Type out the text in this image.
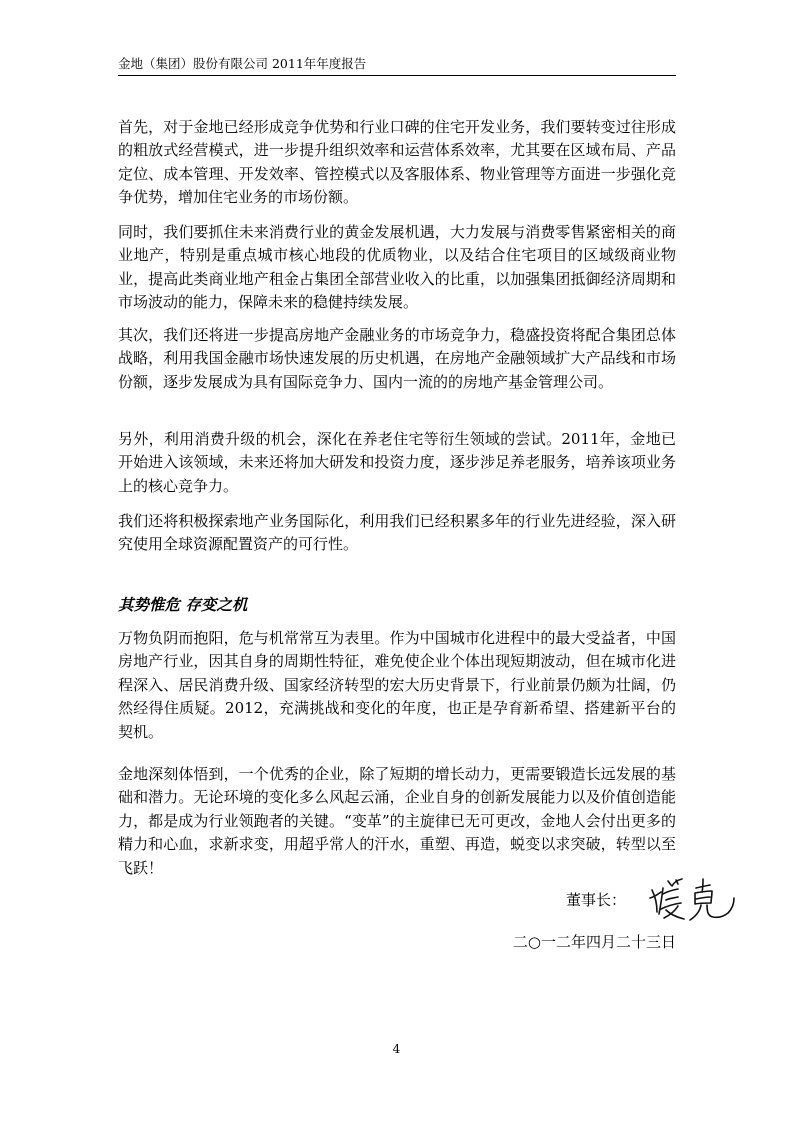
金地（集团）股份有限公司 2011年年度报告

首先，对于金地已经形成竞争优势和行业口碑的住宅开发业务，我们要转变过往形成的粗放式经营模式，进一步提升组织效率和运营体系效率，尤其要在区域布局、产品定位、成本管理、开发效率、管控模式以及客服体系、物业管理等方面进一步强化竞争优势，增加住宅业务的市场份额。

同时，我们要抓住未来消费行业的黄金发展机遇，大力发展与消费零售紧密相关的商业地产，特别是重点城市核心地段的优质物业，以及结合住宅项目的区域级商业物业，提高此类商业地产租金占集团全部营业收入的比重，以加强集团抵御经济周期和市场波动的能力，保障未来的稳健持续发展。

其次，我们还将进一步提高房地产金融业务的市场竞争力，稳盛投资将配合集团总体战略，利用我国金融市场快速发展的历史机遇，在房地产金融领域扩大产品线和市场份额，逐步发展成为具有国际竞争力、国内一流的的房地产基金管理公司。

另外，利用消费升级的机会，深化在养老住宅等衍生领域的尝试。2011年，金地已开始进入该领域，未来还将加大研发和投资力度，逐步涉足养老服务，培养该项业务上的核心竞争力。

我们还将积极探索地产业务国际化，利用我们已经积累多年的行业先进经验，深入研究使用全球资源配置资产的可行性。

其势惟危 存变之机

万物负阴而抱阳，危与机常常互为表里。作为中国城市化进程中的最大受益者，中国房地产行业，因其自身的周期性特征，难免使企业个体出现短期波动，但在城市化进程深入、居民消费升级、国家经济转型的宏大历史背景下，行业前景仍颇为壮阔，仍然经得住质疑。2012，充满挑战和变化的年度，也正是孕育新希望、搭建新平台的契机。

金地深刻体悟到，一个优秀的企业，除了短期的增长动力，更需要锻造长远发展的基础和潜力。无论环境的变化多么风起云涌，企业自身的创新发展能力以及价值创造能力，都是成为行业领跑者的关键。“变革”的主旋律已无可更改，金地人会付出更多的精力和心血，求新求变，用超乎常人的汗水，重塑、再造，蜕变以求突破，转型以至飞跃！

董事长：
二○一二年四月二十三日
4
